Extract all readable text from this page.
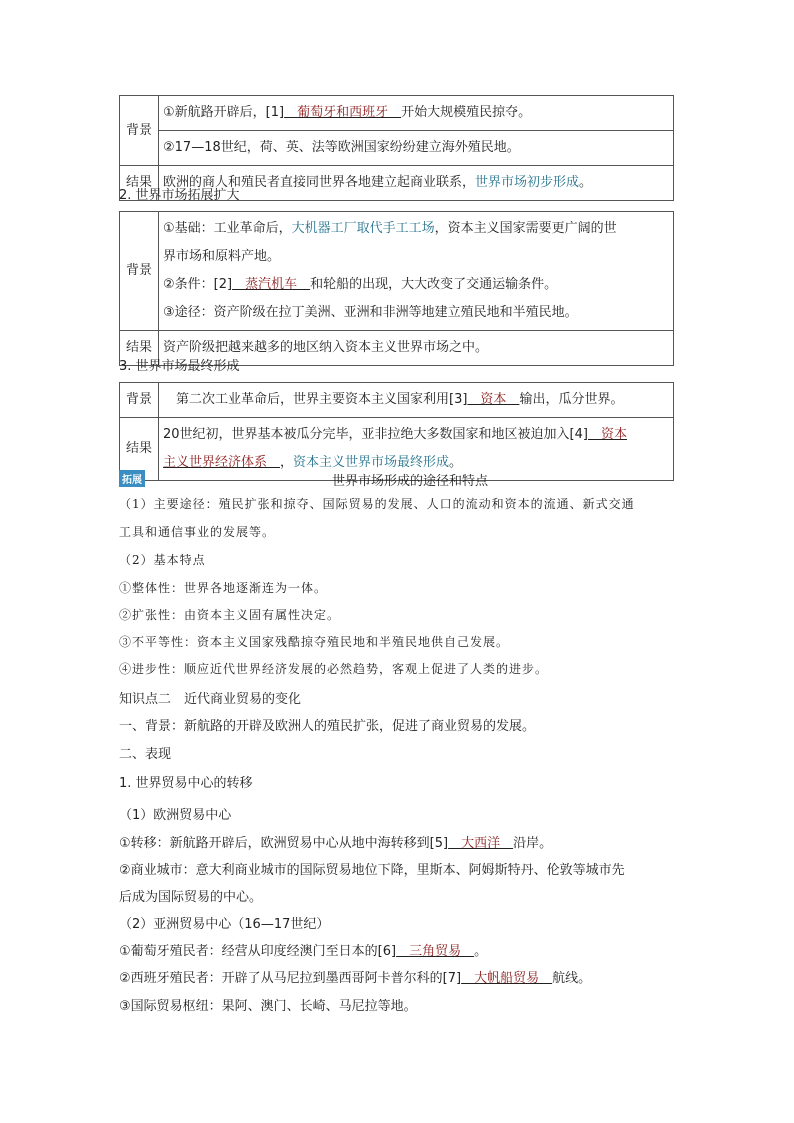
背景	①新航路开辟后，[1]　葡萄牙和西班牙　开始大规模殖民掠夺。
	②17—18世纪，荷、英、法等欧洲国家纷纷建立海外殖民地。
结果	欧洲的商人和殖民者直接同世界各地建立起商业联系，世界市场初步形成。
2. 世界市场拓展扩大
背景	①基础：工业革命后，大机器工厂取代手工工场，资本主义国家需要更广阔的世
界市场和原料产地。
②条件：[2]　蒸汽机车　和轮船的出现，大大改变了交通运输条件。
③途径：资产阶级在拉丁美洲、亚洲和非洲等地建立殖民地和半殖民地。

结果	资产阶级把越来越多的地区纳入资本主义世界市场之中。
3. 世界市场最终形成
背景	　第二次工业革命后，世界主要资本主义国家利用[3]　资本　输出，瓜分世界。
结果	20世纪初，世界基本被瓜分完毕，亚非拉绝大多数国家和地区被迫加入[4]　资本
主义世界经济体系　，资本主义世界市场最终形成。
拓展	世界市场形成的途径和特点
（1）主要途径：殖民扩张和掠夺、国际贸易的发展、人口的流动和资本的流通、新式交通
工具和通信事业的发展等。
（2）基本特点
①整体性：世界各地逐渐连为一体。
②扩张性：由资本主义固有属性决定。
③不平等性：资本主义国家残酷掠夺殖民地和半殖民地供自己发展。
④进步性：顺应近代世界经济发展的必然趋势，客观上促进了人类的进步。
知识点二　近代商业贸易的变化
一、背景：新航路的开辟及欧洲人的殖民扩张，促进了商业贸易的发展。
二、表现
1. 世界贸易中心的转移
（1）欧洲贸易中心
①转移：新航路开辟后，欧洲贸易中心从地中海转移到[5]　大西洋　沿岸。
②商业城市：意大利商业城市的国际贸易地位下降，里斯本、阿姆斯特丹、伦敦等城市先
后成为国际贸易的中心。
（2）亚洲贸易中心（16—17世纪）
①葡萄牙殖民者：经营从印度经澳门至日本的[6]　三角贸易　。
②西班牙殖民者：开辟了从马尼拉到墨西哥阿卡普尔科的[7]　大帆船贸易　航线。
③国际贸易枢纽：果阿、澳门、长崎、马尼拉等地。
